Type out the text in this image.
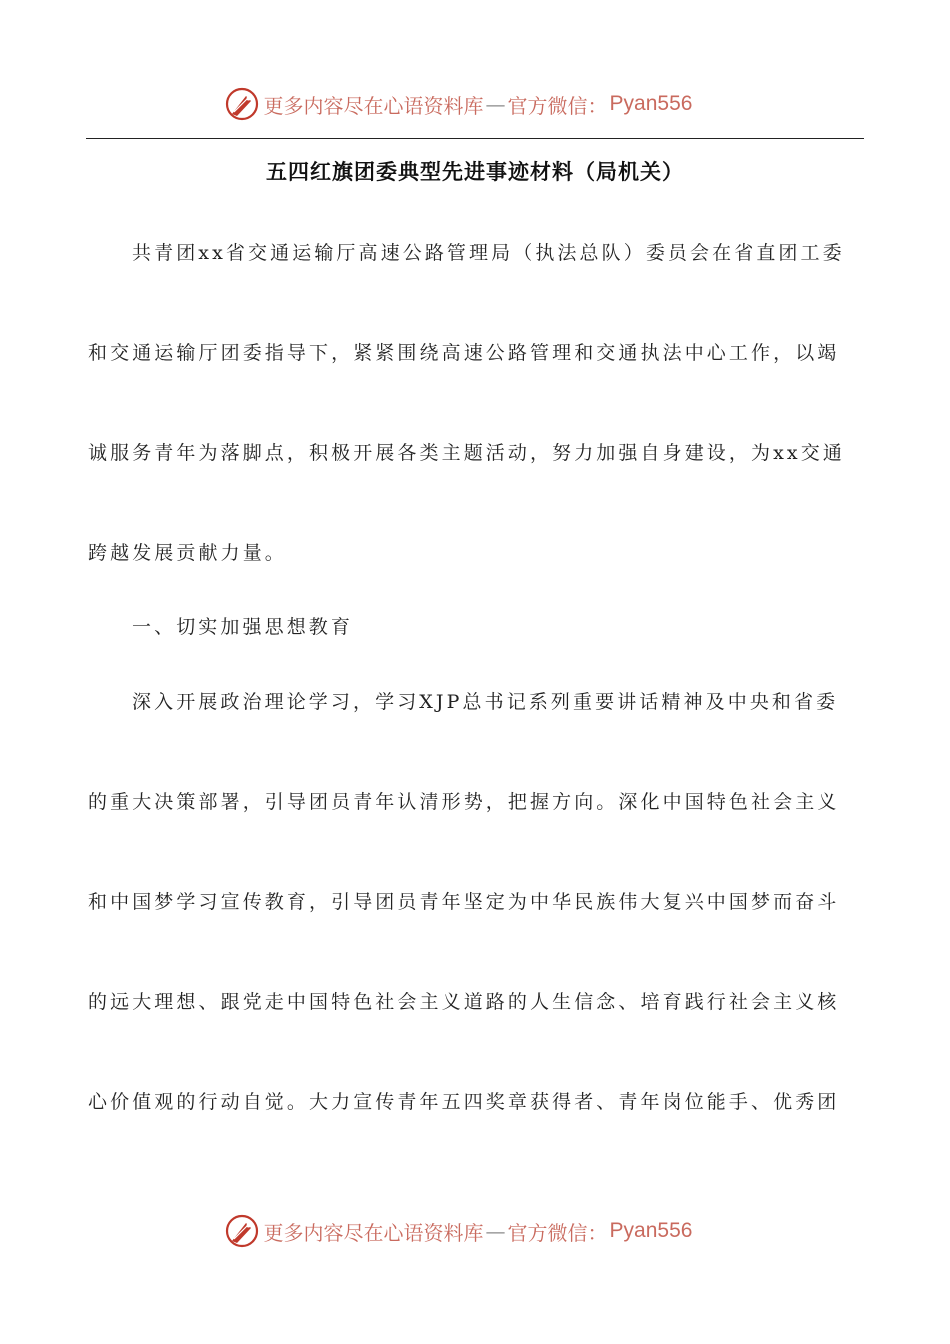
更多内容尽在心语资料库 — 官方微信： Pyan556
五四红旗团委典型先进事迹材料（局机关）
共青团xx省交通运输厅高速公路管理局（执法总队）委员会在省直团工委
和交通运输厅团委指导下，紧紧围绕高速公路管理和交通执法中心工作，以竭
诚服务青年为落脚点，积极开展各类主题活动，努力加强自身建设，为xx交通
跨越发展贡献力量。
一、切实加强思想教育
深入开展政治理论学习，学习XJP总书记系列重要讲话精神及中央和省委
的重大决策部署，引导团员青年认清形势，把握方向。深化中国特色社会主义
和中国梦学习宣传教育，引导团员青年坚定为中华民族伟大复兴中国梦而奋斗
的远大理想、跟党走中国特色社会主义道路的人生信念、培育践行社会主义核
心价值观的行动自觉。大力宣传青年五四奖章获得者、青年岗位能手、优秀团
更多内容尽在心语资料库 — 官方微信： Pyan556
